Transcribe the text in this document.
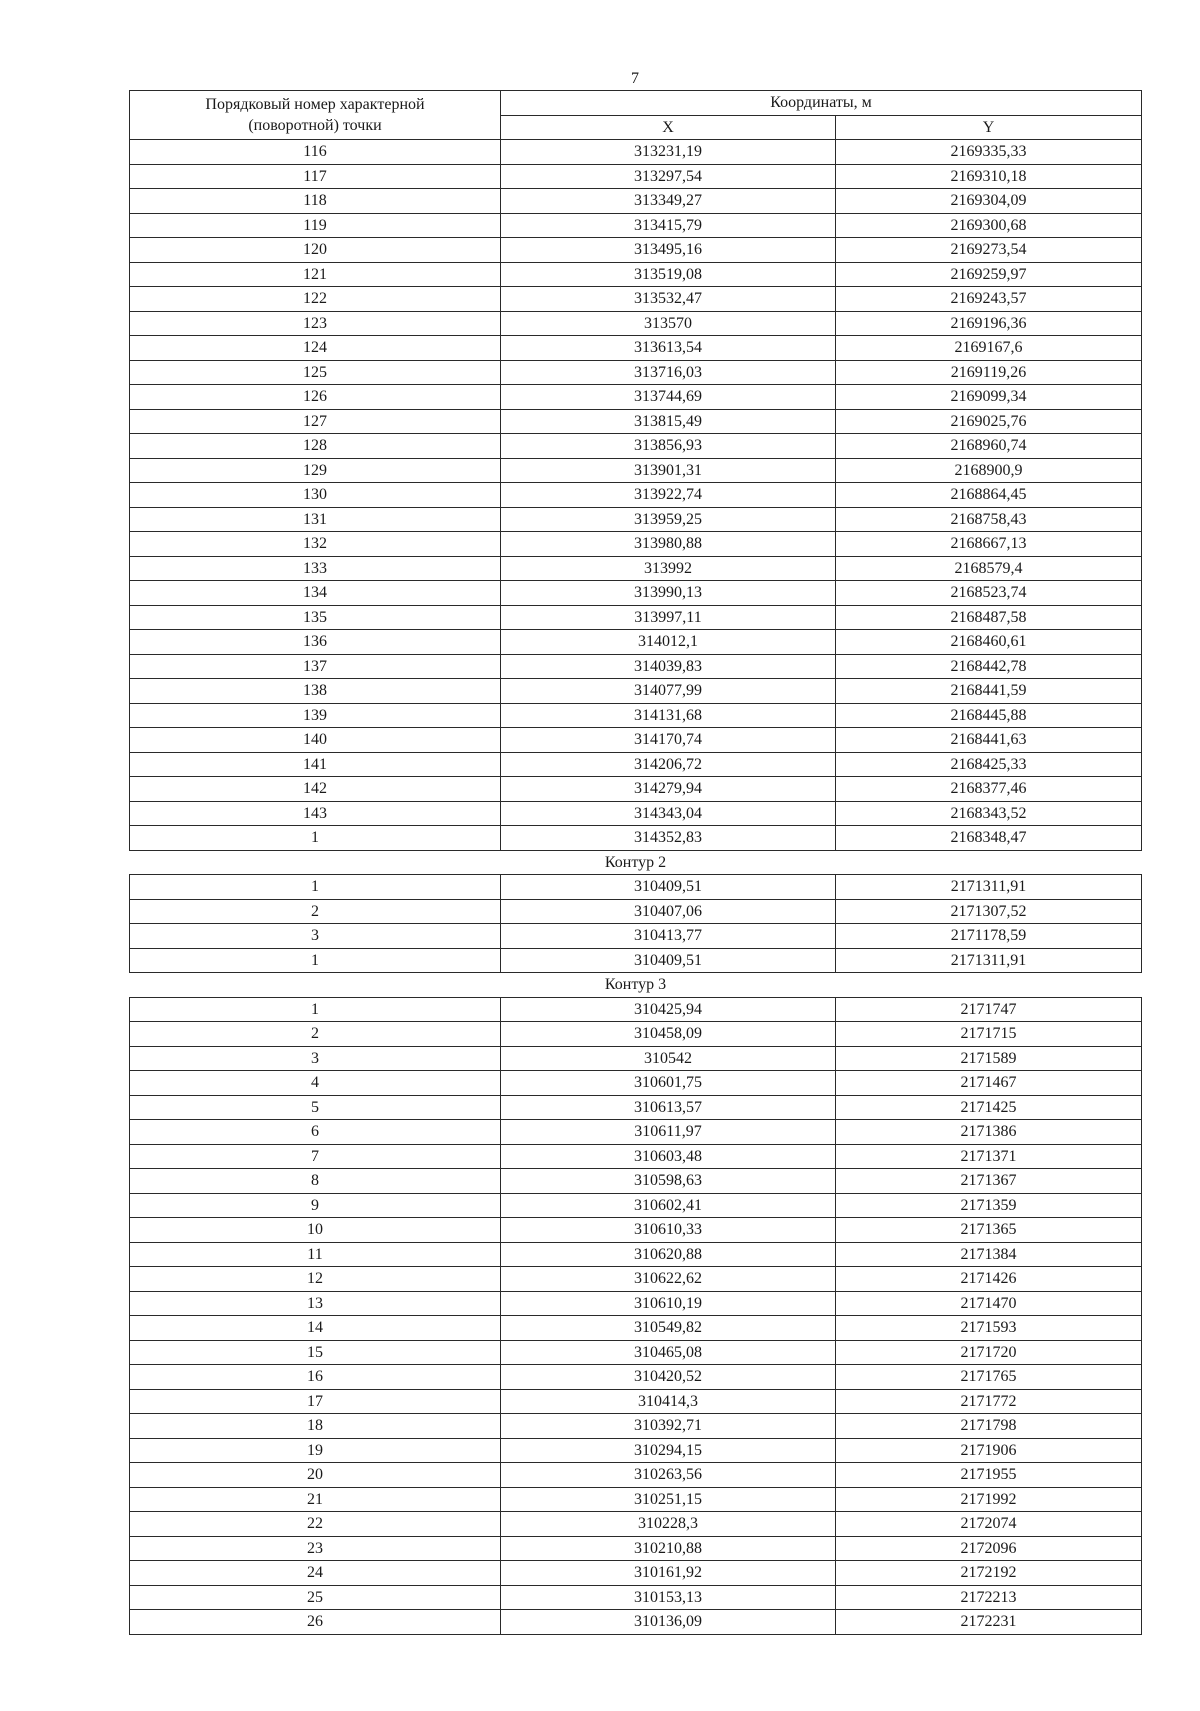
7
Порядковый номер характерной (поворотной) точки	Координаты, м	
	X	Y
116	313231,19	2169335,33
117	313297,54	2169310,18
118	313349,27	2169304,09
119	313415,79	2169300,68
120	313495,16	2169273,54
121	313519,08	2169259,97
122	313532,47	2169243,57
123	313570	2169196,36
124	313613,54	2169167,6
125	313716,03	2169119,26
126	313744,69	2169099,34
127	313815,49	2169025,76
128	313856,93	2168960,74
129	313901,31	2168900,9
130	313922,74	2168864,45
131	313959,25	2168758,43
132	313980,88	2168667,13
133	313992	2168579,4
134	313990,13	2168523,74
135	313997,11	2168487,58
136	314012,1	2168460,61
137	314039,83	2168442,78
138	314077,99	2168441,59
139	314131,68	2168445,88
140	314170,74	2168441,63
141	314206,72	2168425,33
142	314279,94	2168377,46
143	314343,04	2168343,52
1	314352,83	2168348,47
Контур 2		
1	310409,51	2171311,91
2	310407,06	2171307,52
3	310413,77	2171178,59
1	310409,51	2171311,91
Контур 3		
1	310425,94	2171747
2	310458,09	2171715
3	310542	2171589
4	310601,75	2171467
5	310613,57	2171425
6	310611,97	2171386
7	310603,48	2171371
8	310598,63	2171367
9	310602,41	2171359
10	310610,33	2171365
11	310620,88	2171384
12	310622,62	2171426
13	310610,19	2171470
14	310549,82	2171593
15	310465,08	2171720
16	310420,52	2171765
17	310414,3	2171772
18	310392,71	2171798
19	310294,15	2171906
20	310263,56	2171955
21	310251,15	2171992
22	310228,3	2172074
23	310210,88	2172096
24	310161,92	2172192
25	310153,13	2172213
26	310136,09	2172231
